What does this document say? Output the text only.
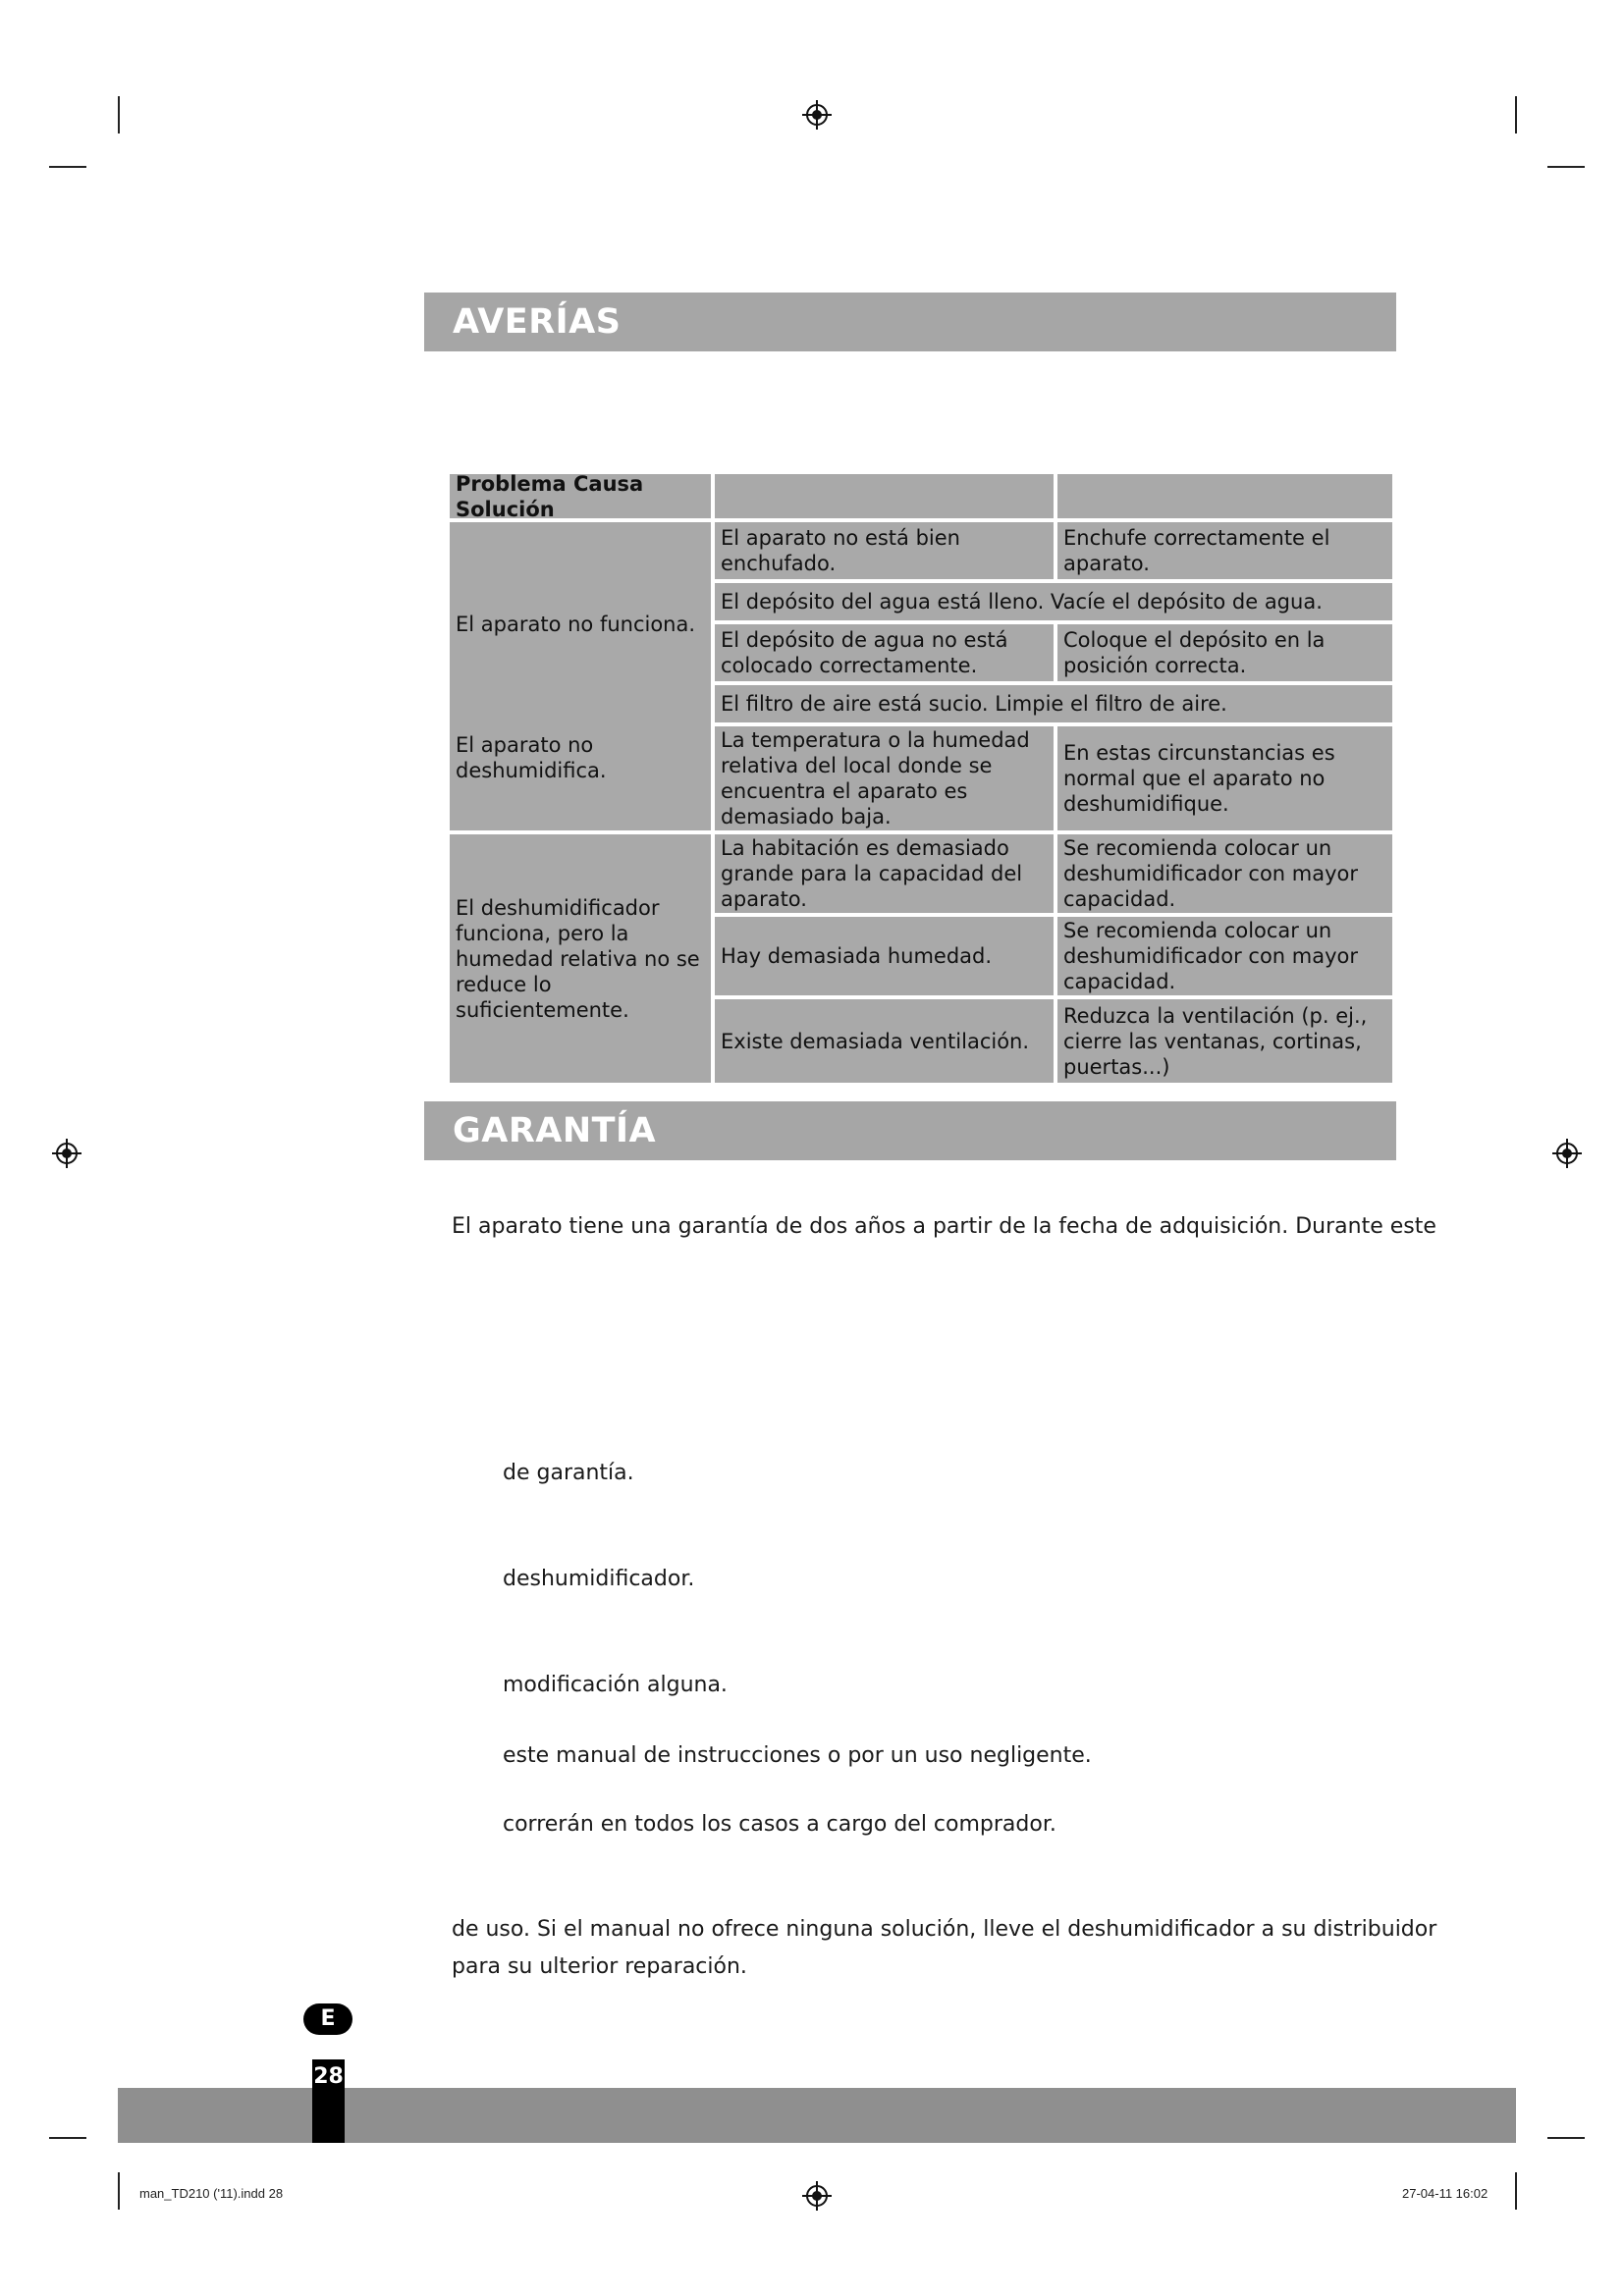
AVERÍAS
Problema Causa Solución
El aparato no funciona.
El aparato no está bien enchufado.
Enchufe correctamente el aparato.
El depósito del agua está lleno. Vacíe el depósito de agua.
El depósito de agua no está colocado correctamente.
Coloque el depósito en la posición correcta.
El aparato no deshumidifica.
El filtro de aire está sucio. Limpie el filtro de aire.
La temperatura o la humedad relativa del local donde se encuentra el aparato es demasiado baja.
En estas circunstancias es normal que el aparato no deshumidifique.
El deshumidificador funciona, pero la humedad relativa no se reduce lo suficientemente.
La habitación es demasiado grande para la capacidad del aparato.
Se recomienda colocar un deshumidificador con mayor capacidad.
Hay demasiada humedad.
Se recomienda colocar un deshumidificador con mayor capacidad.
Existe demasiada ventilación.
Reduzca la ventilación (p. ej., cierre las ventanas, cortinas, puertas...)
GARANTÍA
El aparato tiene una garantía de dos años a partir de la fecha de adquisición. Durante este
de garantía.
deshumidificador.
modificación alguna.
este manual de instrucciones o por un uso negligente.
correrán en todos los casos a cargo del comprador.
de uso. Si el manual no ofrece ninguna solución, lleve el deshumidificador a su distribuidor
para su ulterior reparación.
E
28
man_TD210 ('11).indd 28	27-04-11 16:02
